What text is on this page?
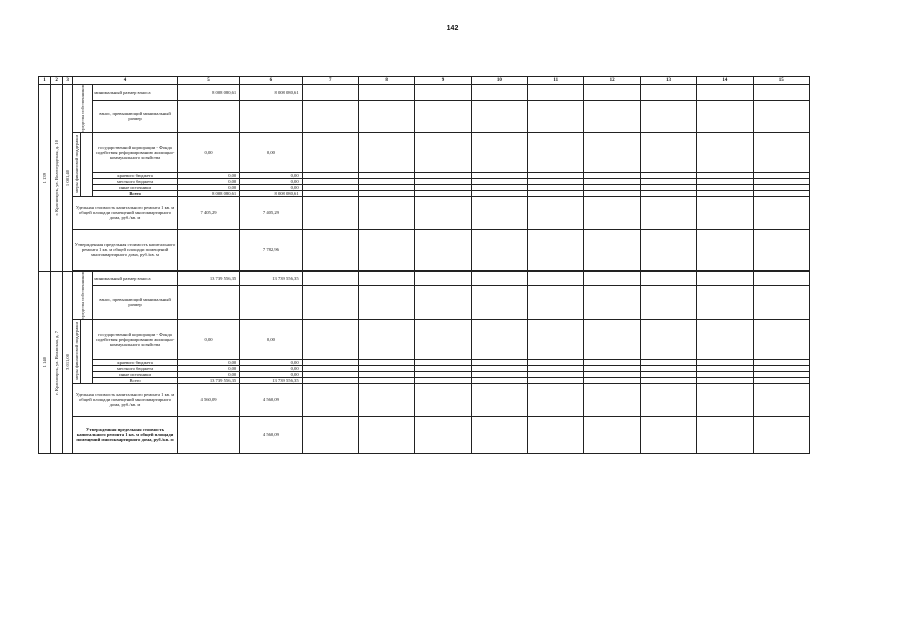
142
1	2	3	4			5	6	7	8	9	10	11	12	13	14	15

1 139	г. Красноярск, ул. Волгоградская, д. 10	1 081,40	средства собственников		минимальный размер взноса	8 008 080,61	8 008 080,61									
					взнос, превышающий минимальный размер											

			меры финансовой поддержки		государственной корпорации - Фонда содействия реформированию жилищно-коммунального хозяйства	0,00	0,00									
					краевого бюджета	0,00	0,00									
					местного бюджета	0,00	0,00									
					иные источники	0,00	0,00									
					Всего	8 008 080,61	8 008 080,61									
			Удельная стоимость капитального ремонта 1 кв. м общей площади помещений многоквартирного дома, руб./кв. м			7 405,29	7 405,29									
			Утвержденная предельная стоимость капитального ремонта 1 кв. м общей площади помещений многоквартирного дома, руб./кв. м				7 782,96									

1 140	г. Красноярск, ул. Волжская, д. 7	3 011,00	средства собственников		минимальный размер взноса	13 739 556,35	13 739 556,35									
					взнос, превышающий минимальный размер											

			меры финансовой поддержки		государственной корпорации - Фонда содействия реформированию жилищно-коммунального хозяйства	0,00	0,00									
					краевого бюджета	0,00	0,00									
					местного бюджета	0,00	0,00									
					иные источники	0,00	0,00									
					Всего	13 739 556,35	13 739 556,35									
			Удельная стоимость капитального ремонта 1 кв. м общей площади помещений многоквартирного дома, руб./кв. м			4 560,09	4 560,09									
			Утвержденная предельная стоимость капитального ремонта 1 кв. м общей площади помещений многоквартирного дома, руб./кв. м				4 560,09									
